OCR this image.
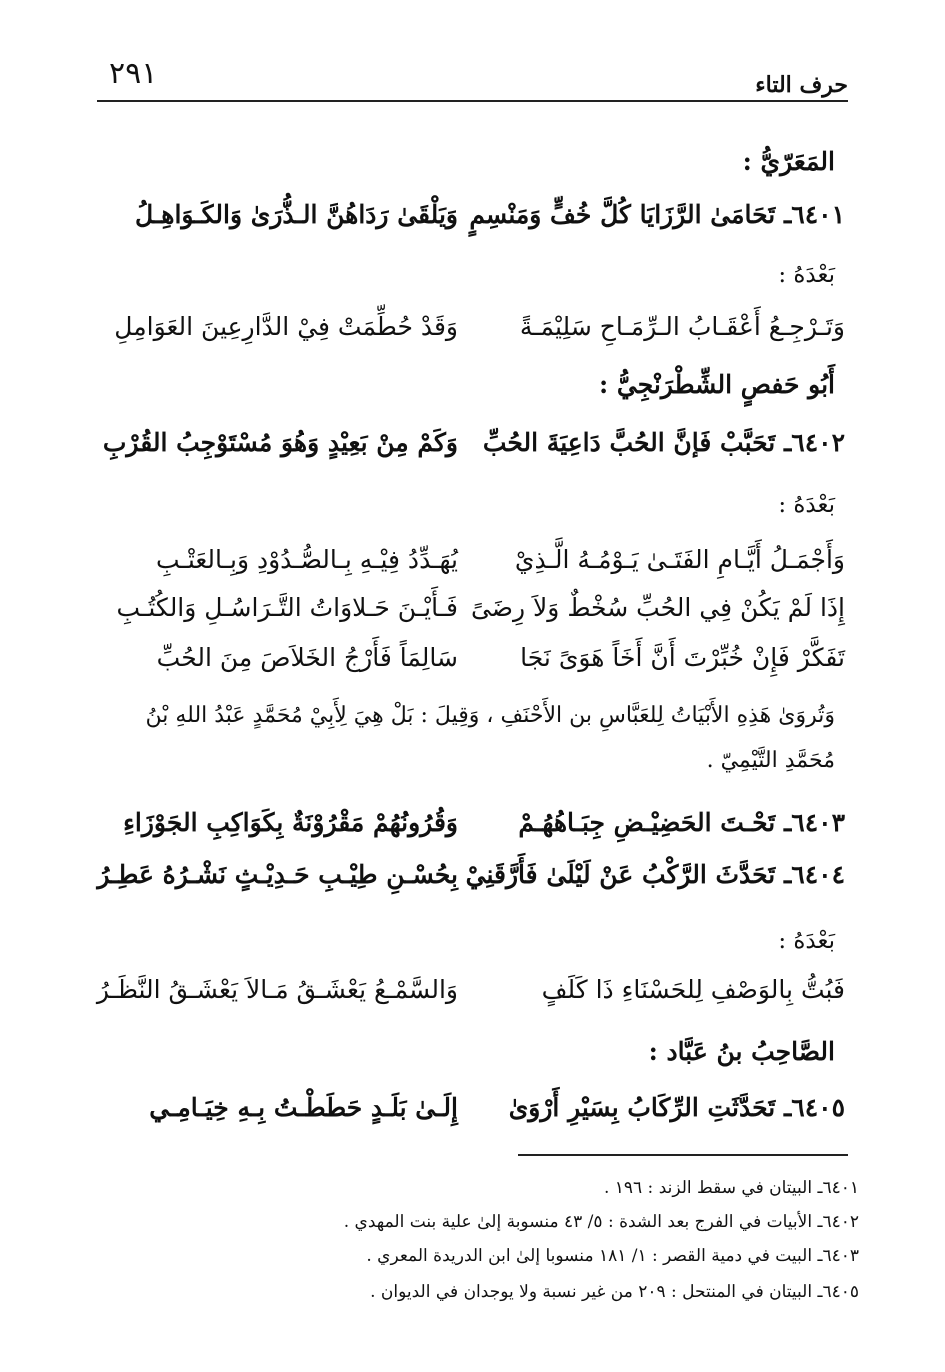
٢٩١	حرف التاء
المَعَرّيُّ :
٦٤٠١ـ تَحَامَىٰ الرَّزَايَا كُلَّ خُفٍّ وَمَنْسِمٍ
وَيَلْقَىٰ رَدَاهُنَّ الـذُّرَىٰ وَالكَـوَاهِـلُ
بَعْدَهُ :
وَتَـرْجِـعُ أَعْقَـابُ الـرِّمَـاحِ سَلِيْمَـةً
وَقَدْ حُطِّمَتْ فِيْ الدَّارِعِينَ العَوَامِلِ
أَبُو حَفصٍ الشِّطْرَنْجِيُّ :
٦٤٠٢ـ تَحَبَّبْ فَإنَّ الحُبَّ دَاعِيَةَ الحُبِّ
وَكَمْ مِنْ بَعِيْدٍ وَهُوَ مُسْتَوْجِبُ القُرْبِ
بَعْدَهُ :
وَأَجْمَـلُ أَيَّـامِ الفَتَـىٰ يَـوْمُـهُ الَّـذِيْ
يُهَـدِّدُ فِيْـهِ بِـالصُّـدُوْدِ وَبِـالعَتْـبِ
إِذَا لَمْ يَكُنْ فِي الحُبِّ سُخْطٌ وَلاَ رِضَىً
فَـأَيْـنَ حَـلاوَاتُ التَّـرَاسُـلِ وَالكُتُـبِ
تَفَكَّرْ فَإِنْ خُبِّرْتَ أَنَّ أَخَاً هَوَىً نَجَا
سَالِمَاً فَأَرْجُ الخَلاَصَ مِنَ الحُبِّ
وَتُروَىٰ هَذِهِ الأَبْيَاتُ لِلعَبَّاسِ بن الأَحْنَفِ ، وَقِيلَ : بَلْ هِيَ لِأَبِيْ مُحَمَّدٍ عَبْدُ اللهِ بْنُ
مُحَمَّدِ التَّيْمِيّ .
٦٤٠٣ـ تَحْـتَ الحَضِيْـضِ جِبَـاهُهُـمْ
وَقُرُونُهُمْ مَقْرُوْنَةٌ بِكَوَاكِبِ الجَوْزَاءِ
٦٤٠٤ـ تَحَدَّثَ الرَّكْبُ عَنْ لَيْلَىٰ فَأَرَّقَنِيْ
بِحُسْـنِ طِيْـبِ حَـدِيْـثٍ نَشْـرُهُ عَطِـرُ
بَعْدَهُ :
فَبُتُّ بِالوَصْفِ لِلحَسْنَاءِ ذَا كَلَفٍ
وَالسَّمْـعُ يَعْشَـقُ مَـالاَ يَعْشَـقُ النَّظَـرُ
الصَّاحِبُ بنُ عَبَّاد :
٦٤٠٥ـ تَحَدَّثَتِ الرِّكَابُ بِسَيْرِ أَرْوَىٰ
إِلَـىٰ بَلَـدٍ حَطَطْـتُ بِـهِ خِيَـامِـي
٦٤٠١ـ البيتان في سقط الزند : ١٩٦ .
٦٤٠٢ـ الأبيات في الفرج بعد الشدة : ٥/ ٤٣ منسوبة إلىٰ علية بنت المهدي .
٦٤٠٣ـ البيت في دمية القصر : ١/ ١٨١ منسوبا إلىٰ ابن الدريدة المعري .
٦٤٠٥ـ البيتان في المنتحل : ٢٠٩ من غير نسبة ولا يوجدان في الديوان .
